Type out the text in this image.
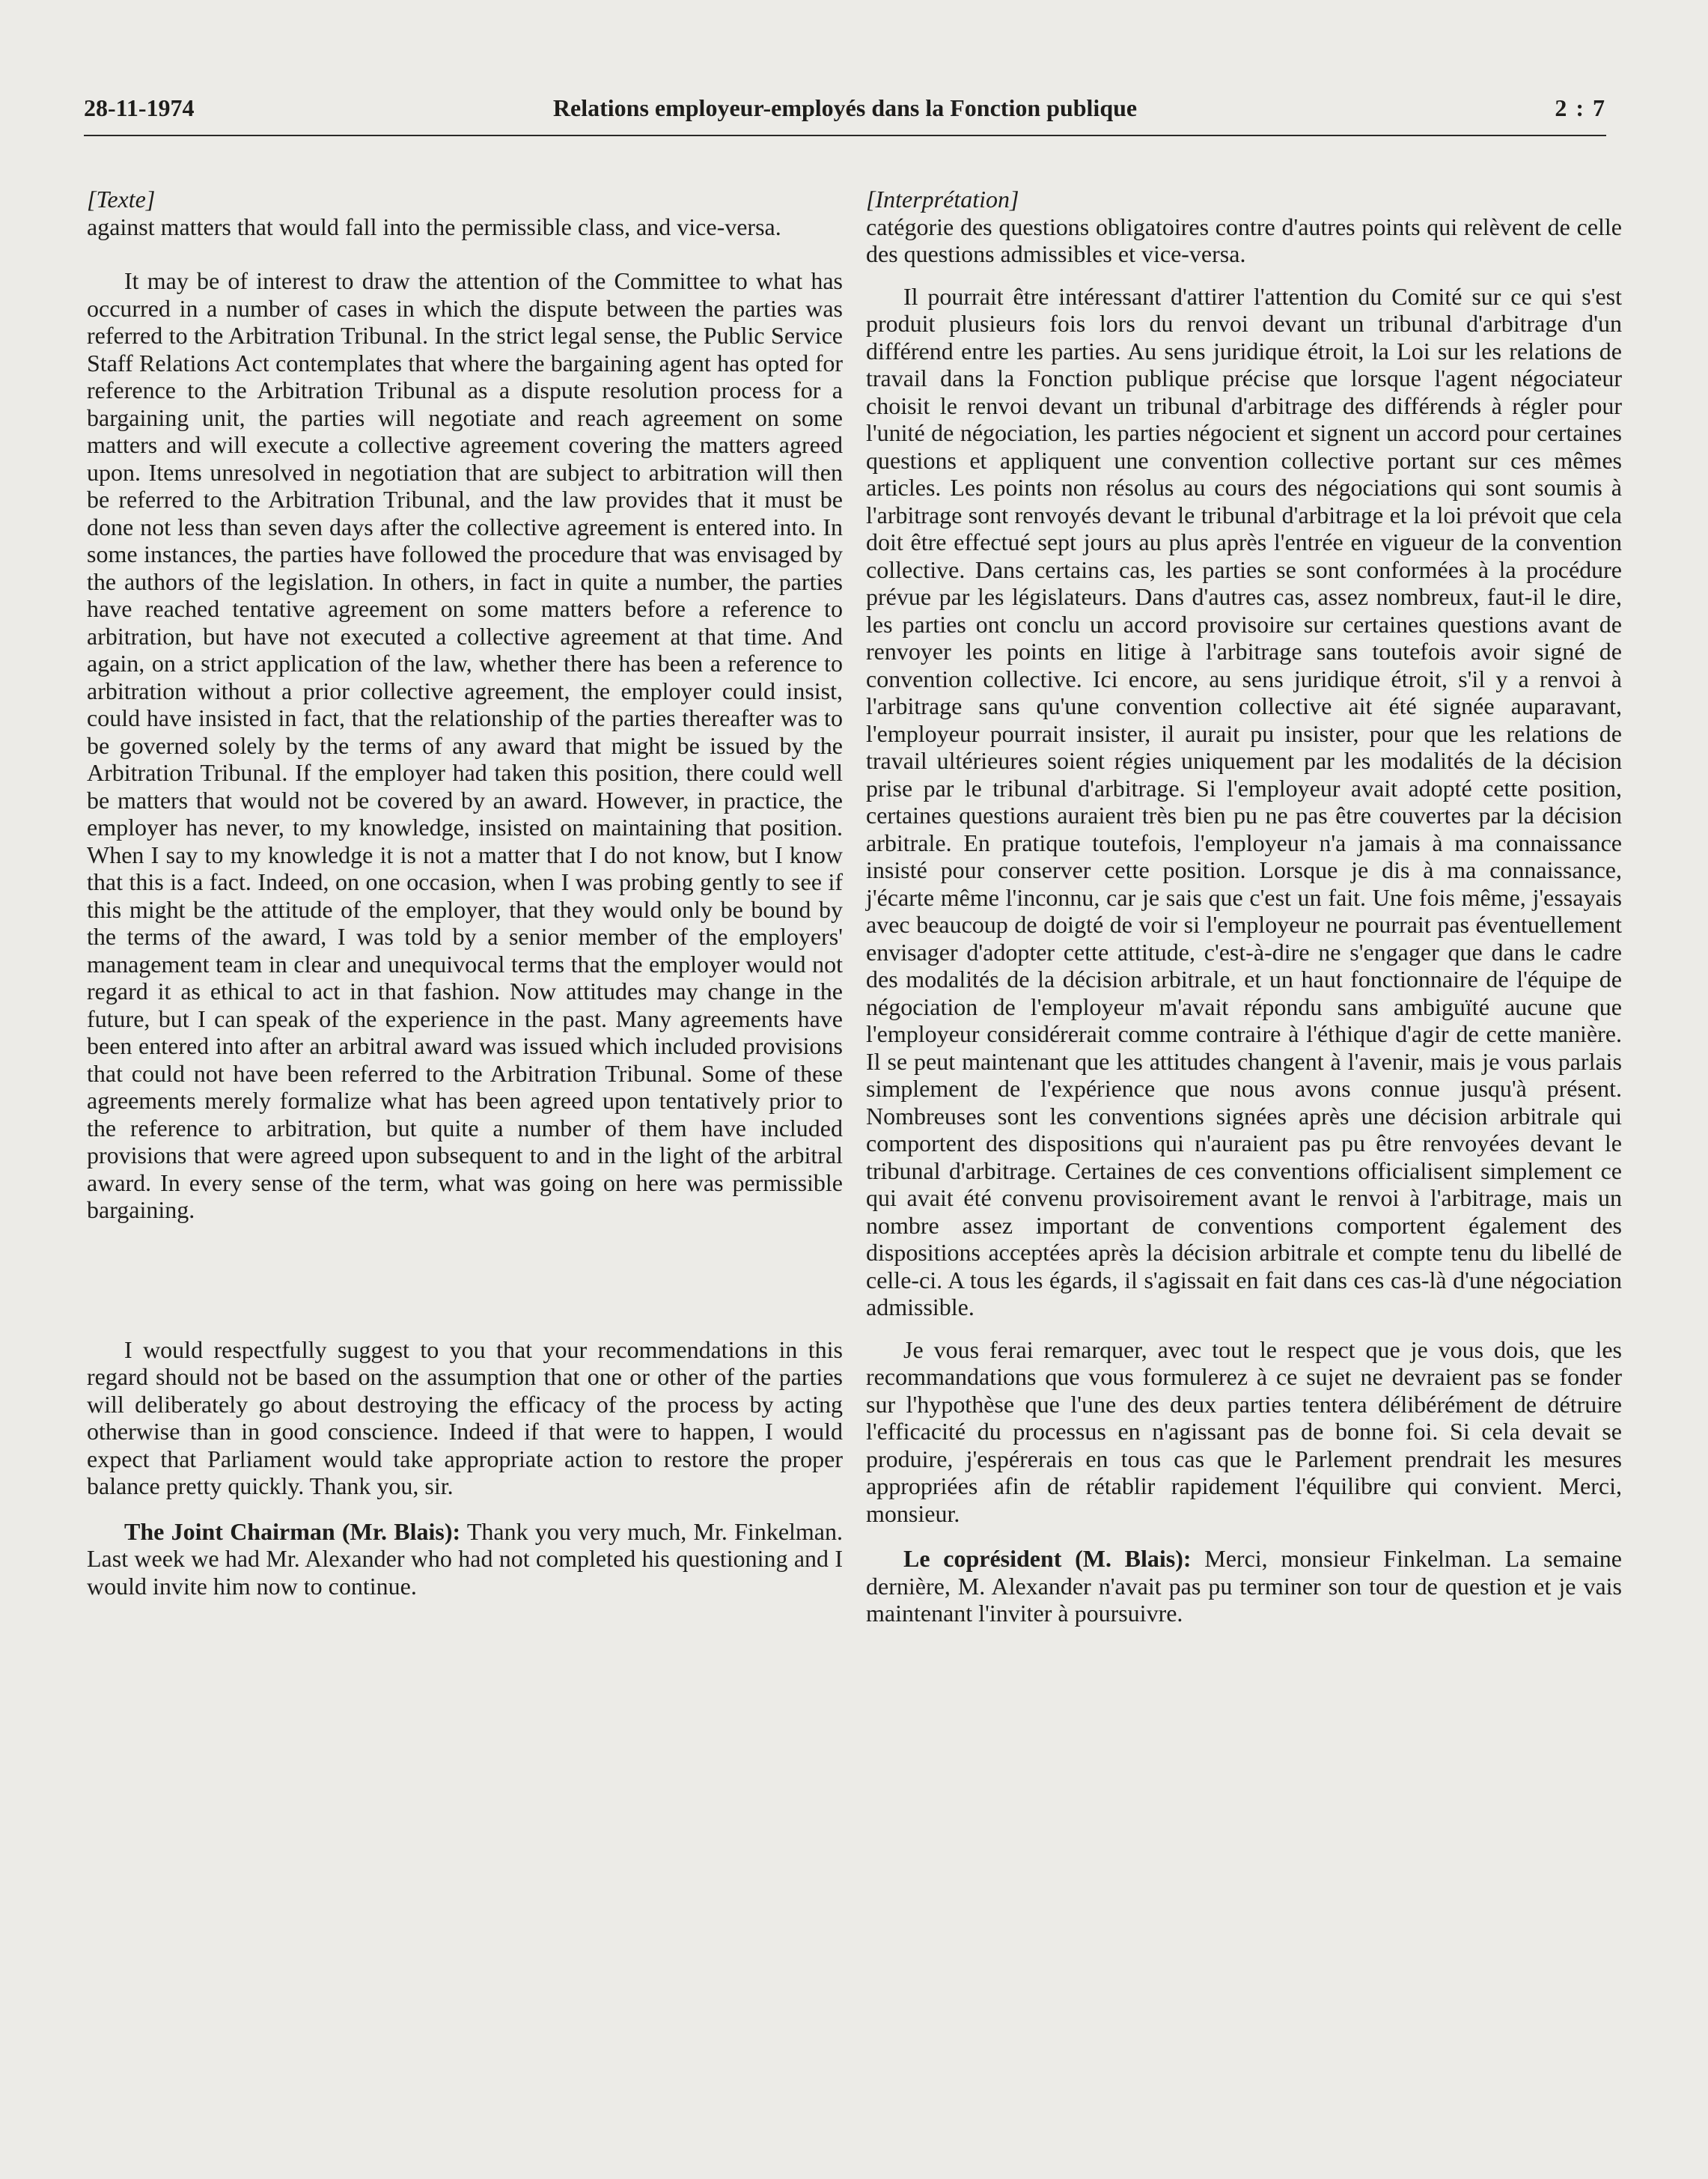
28-11-1974	Relations employeur-employés dans la Fonction publique	2 : 7

[Texte]

against matters that would fall into the permissible class, and vice-versa.

It may be of interest to draw the attention of the Committee to what has occurred in a number of cases in which the dispute between the parties was referred to the Arbitration Tribunal. In the strict legal sense, the Public Service Staff Relations Act contemplates that where the bargaining agent has opted for reference to the Arbitration Tribunal as a dispute resolution process for a bargaining unit, the parties will negotiate and reach agreement on some matters and will execute a collective agreement covering the matters agreed upon. Items unresolved in negotiation that are subject to arbitration will then be referred to the Arbitration Tribunal, and the law provides that it must be done not less than seven days after the collective agreement is entered into. In some instances, the parties have followed the procedure that was envisaged by the authors of the legislation. In others, in fact in quite a number, the parties have reached tentative agreement on some matters before a reference to arbitration, but have not executed a collective agreement at that time. And again, on a strict application of the law, whether there has been a reference to arbitration without a prior collective agreement, the employer could insist, could have insisted in fact, that the relationship of the parties thereafter was to be governed solely by the terms of any award that might be issued by the Arbitration Tribunal. If the employer had taken this position, there could well be matters that would not be covered by an award. However, in practice, the employer has never, to my knowledge, insisted on maintaining that position. When I say to my knowledge it is not a matter that I do not know, but I know that this is a fact. Indeed, on one occasion, when I was probing gently to see if this might be the attitude of the employer, that they would only be bound by the terms of the award, I was told by a senior member of the employers' management team in clear and unequivocal terms that the employer would not regard it as ethical to act in that fashion. Now attitudes may change in the future, but I can speak of the experience in the past. Many agreements have been entered into after an arbitral award was issued which included provisions that could not have been referred to the Arbitration Tribunal. Some of these agreements merely formalize what has been agreed upon tentatively prior to the reference to arbitration, but quite a number of them have included provisions that were agreed upon subsequent to and in the light of the arbitral award. In every sense of the term, what was going on here was permissible bargaining.

I would respectfully suggest to you that your recommendations in this regard should not be based on the assumption that one or other of the parties will deliberately go about destroying the efficacy of the process by acting otherwise than in good conscience. Indeed if that were to happen, I would expect that Parliament would take appropriate action to restore the proper balance pretty quickly. Thank you, sir.

The Joint Chairman (Mr. Blais): Thank you very much, Mr. Finkelman. Last week we had Mr. Alexander who had not completed his questioning and I would invite him now to continue.

[Interprétation]

catégorie des questions obligatoires contre d'autres points qui relèvent de celle des questions admissibles et vice-versa.

Il pourrait être intéressant d'attirer l'attention du Comité sur ce qui s'est produit plusieurs fois lors du renvoi devant un tribunal d'arbitrage d'un différend entre les parties. Au sens juridique étroit, la Loi sur les relations de travail dans la Fonction publique précise que lorsque l'agent négociateur choisit le renvoi devant un tribunal d'arbitrage des différends à régler pour l'unité de négociation, les parties négocient et signent un accord pour certaines questions et appliquent une convention collective portant sur ces mêmes articles. Les points non résolus au cours des négociations qui sont soumis à l'arbitrage sont renvoyés devant le tribunal d'arbitrage et la loi prévoit que cela doit être effectué sept jours au plus après l'entrée en vigueur de la convention collective. Dans certains cas, les parties se sont conformées à la procédure prévue par les législateurs. Dans d'autres cas, assez nombreux, faut-il le dire, les parties ont conclu un accord provisoire sur certaines questions avant de renvoyer les points en litige à l'arbitrage sans toutefois avoir signé de convention collective. Ici encore, au sens juridique étroit, s'il y a renvoi à l'arbitrage sans qu'une convention collective ait été signée auparavant, l'employeur pourrait insister, il aurait pu insister, pour que les relations de travail ultérieures soient régies uniquement par les modalités de la décision prise par le tribunal d'arbitrage. Si l'employeur avait adopté cette position, certaines questions auraient très bien pu ne pas être couvertes par la décision arbitrale. En pratique toutefois, l'employeur n'a jamais à ma connaissance insisté pour conserver cette position. Lorsque je dis à ma connaissance, j'écarte même l'inconnu, car je sais que c'est un fait. Une fois même, j'essayais avec beaucoup de doigté de voir si l'employeur ne pourrait pas éventuellement envisager d'adopter cette attitude, c'est-à-dire ne s'engager que dans le cadre des modalités de la décision arbitrale, et un haut fonctionnaire de l'équipe de négociation de l'employeur m'avait répondu sans ambiguïté aucune que l'employeur considérerait comme contraire à l'éthique d'agir de cette manière. Il se peut maintenant que les attitudes changent à l'avenir, mais je vous parlais simplement de l'expérience que nous avons connue jusqu'à présent. Nombreuses sont les conventions signées après une décision arbitrale qui comportent des dispositions qui n'auraient pas pu être renvoyées devant le tribunal d'arbitrage. Certaines de ces conventions officialisent simplement ce qui avait été convenu provisoirement avant le renvoi à l'arbitrage, mais un nombre assez important de conventions comportent également des dispositions acceptées après la décision arbitrale et compte tenu du libellé de celle-ci. A tous les égards, il s'agissait en fait dans ces cas-là d'une négociation admissible.

Je vous ferai remarquer, avec tout le respect que je vous dois, que les recommandations que vous formulerez à ce sujet ne devraient pas se fonder sur l'hypothèse que l'une des deux parties tentera délibérément de détruire l'efficacité du processus en n'agissant pas de bonne foi. Si cela devait se produire, j'espérerais en tous cas que le Parlement prendrait les mesures appropriées afin de rétablir rapidement l'équilibre qui convient. Merci, monsieur.

Le coprésident (M. Blais): Merci, monsieur Finkelman. La semaine dernière, M. Alexander n'avait pas pu terminer son tour de question et je vais maintenant l'inviter à poursuivre.
